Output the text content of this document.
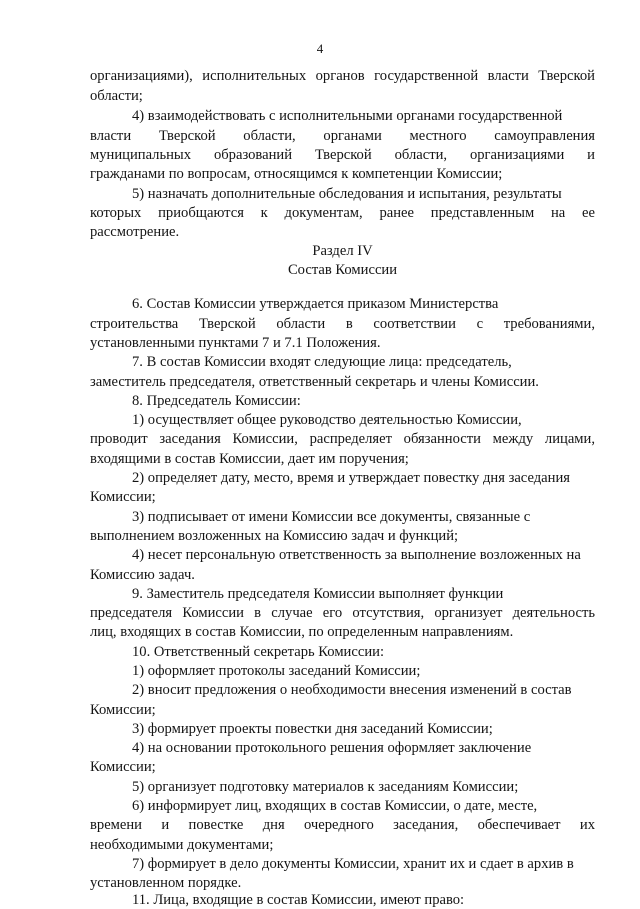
4
организациями), исполнительных органов государственной власти Тверской
области;
4) взаимодействовать с исполнительными органами государственной
власти Тверской области, органами местного самоуправления
муниципальных образований Тверской области, организациями и
гражданами по вопросам, относящимся к компетенции Комиссии;
5) назначать дополнительные обследования и испытания, результаты
которых приобщаются к документам, ранее представленным на ее
рассмотрение.
Раздел IV
Состав Комиссии
6. Состав Комиссии утверждается приказом Министерства
строительства Тверской области в соответствии с требованиями,
установленными пунктами 7 и 7.1 Положения.
7. В состав Комиссии входят следующие лица: председатель,
заместитель председателя, ответственный секретарь и члены Комиссии.
8. Председатель Комиссии:
1) осуществляет общее руководство деятельностью Комиссии,
проводит заседания Комиссии, распределяет обязанности между лицами,
входящими в состав Комиссии, дает им поручения;
2) определяет дату, место, время и утверждает повестку дня заседания
Комиссии;
3) подписывает от имени Комиссии все документы, связанные с
выполнением возложенных на Комиссию задач и функций;
4) несет персональную ответственность за выполнение возложенных на
Комиссию задач.
9. Заместитель председателя Комиссии выполняет функции
председателя Комиссии в случае его отсутствия, организует деятельность
лиц, входящих в состав Комиссии, по определенным направлениям.
10. Ответственный секретарь Комиссии:
1) оформляет протоколы заседаний Комиссии;
2) вносит предложения о необходимости внесения изменений в состав
Комиссии;
3) формирует проекты повестки дня заседаний Комиссии;
4) на основании протокольного решения оформляет заключение
Комиссии;
5) организует подготовку материалов к заседаниям Комиссии;
6) информирует лиц, входящих в состав Комиссии, о дате, месте,
времени и повестке дня очередного заседания, обеспечивает их
необходимыми документами;
7) формирует в дело документы Комиссии, хранит их и сдает в архив в
установленном порядке.
11. Лица, входящие в состав Комиссии, имеют право:
